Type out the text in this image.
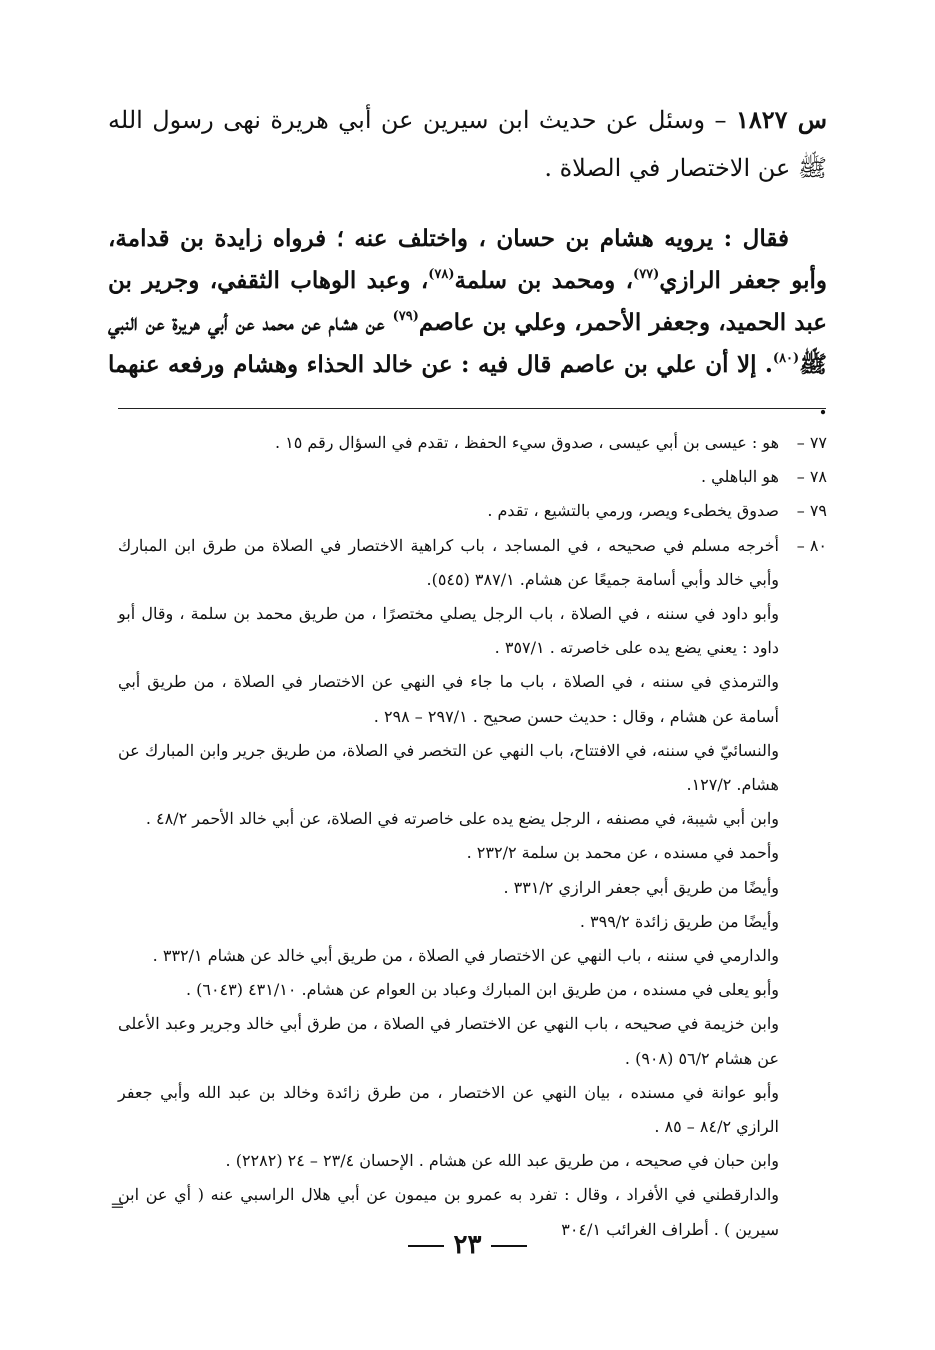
س ١٨٢٧ – وسئل عن حديث ابن سيرين عن أبي هريرة نهى رسول الله ﷺ عن الاختصار في الصلاة .
فقال : يرويه هشام بن حسان ، واختلف عنه ؛ فرواه زايدة بن قدامة، وأبو جعفر الرازي$^{(٧٧)}$، ومحمد بن سلمة$^{(٧٨)}$، وعبد الوهاب الثقفي، وجرير بن عبد الحميد، وجعفر الأحمر، وعلي بن عاصم$^{(٧٩)}$ عن هشام عن محمد عن أبي هريرة عن النبي ﷺ$^{(٨٠)}$. إلا أن علي بن عاصم قال فيه : عن خالد الحذاء وهشام ورفعه عنهما .
٧٧ –
هو : عيسى بن أبي عيسى ، صدوق سيء الحفظ ، تقدم في السؤال رقم ١٥ .
٧٨ –
هو الباهلي .
٧٩ –
صدوق يخطىء ويصر، ورمي بالتشيع ، تقدم .
٨٠ –
أخرجه مسلم في صحيحه ، في المساجد ، باب كراهية الاختصار في الصلاة من طرق ابن المبارك وأبي خالد وأبي أسامة جميعًا عن هشام. ٣٨٧/١ (٥٤٥).
وأبو داود في سننه ، في الصلاة ، باب الرجل يصلي مختصرًا ، من طريق محمد بن سلمة ، وقال أبو داود : يعني يضع يده على خاصرته . ٣٥٧/١ .
والترمذي في سننه ، في الصلاة ، باب ما جاء في النهي عن الاختصار في الصلاة ، من طريق أبي أسامة عن هشام ، وقال : حديث حسن صحيح . ٢٩٧/١ – ٢٩٨ .
والنسائيّ في سننه، في الافتتاح، باب النهي عن التخصر في الصلاة، من طريق جرير وابن المبارك عن هشام. ١٢٧/٢.
وابن أبي شيبة، في مصنفه ، الرجل يضع يده على خاصرته في الصلاة، عن أبي خالد الأحمر ٤٨/٢ .
وأحمد في مسنده ، عن محمد بن سلمة ٢٣٢/٢ .
وأيضًا من طريق أبي جعفر الرازي ٣٣١/٢ .
وأيضًا من طريق زائدة ٣٩٩/٢ .
والدارمي في سننه ، باب النهي عن الاختصار في الصلاة ، من طريق أبي خالد عن هشام ٣٣٢/١ .
وأبو يعلى في مسنده ، من طريق ابن المبارك وعباد بن العوام عن هشام. ٤٣١/١٠ (٦٠٤٣) .
وابن خزيمة في صحيحه ، باب النهي عن الاختصار في الصلاة ، من طرق أبي خالد وجرير وعبد الأعلى عن هشام ٥٦/٢ (٩٠٨) .
وأبو عوانة في مسنده ، بيان النهي عن الاختصار ، من طرق زائدة وخالد بن عبد الله وأبي جعفر الرازي ٨٤/٢ – ٨٥ .
وابن حبان في صحيحه ، من طريق عبد الله عن هشام . الإحسان ٢٣/٤ – ٢٤ (٢٢٨٢) .
والدارقطني في الأفراد ، وقال : تفرد به عمرو بن ميمون عن أبي هلال الراسبي عنه ( أي عن ابن سيرين ) . أطراف الغرائب ٣٠٤/١
═
٢٣
